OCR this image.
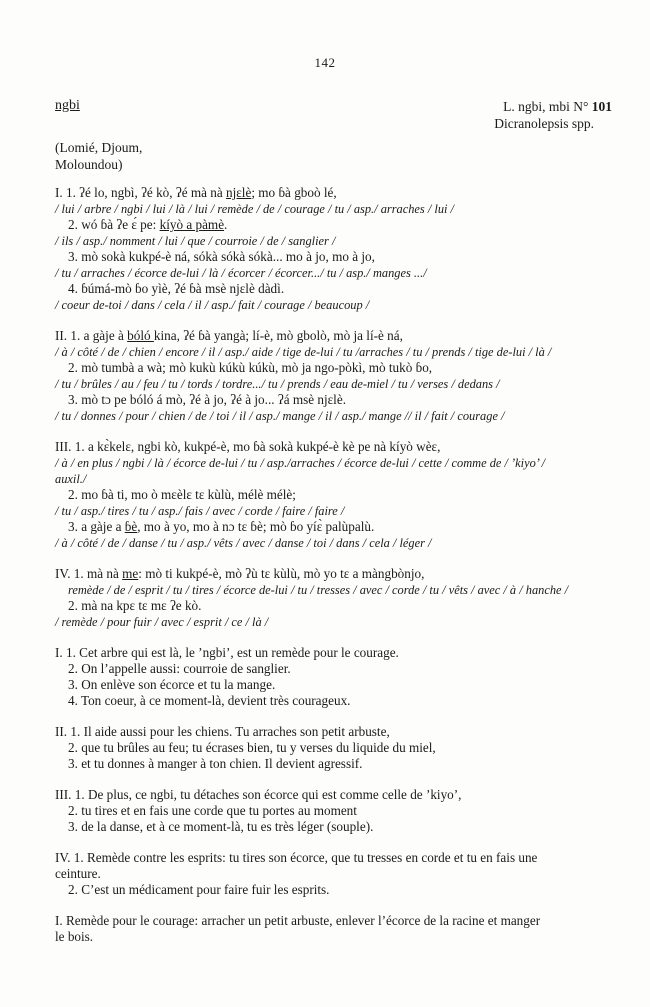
142
ngbi	L. ngbi, mbi N° 101
Dicranolepsis spp.
(Lomié, Djoum,
Moloundou)
I. 1. ʔé lo, ngbì, ʔé kò, ʔé mà nà njɛlè; mo ɓà gboò lé,
/ lui / arbre / ngbi / lui / là / lui / remède / de / courage / tu / asp./ arraches / lui /
2. wó ɓà ʔe ɛ́ pe: kíyò a pàmè.
/ ils / asp./ nomment / lui / que / courroie / de / sanglier /
3. mò sokà kukpé-è ná, sókà sókà sókà... mo à jo, mo à jo,
/ tu / arraches / écorce de-lui / là / écorcer / écorcer.../ tu / asp./ manges .../
4. ɓúmá-mò ɓo yìè, ʔé ɓà msè njɛlè dàdì.
/ coeur de-toi / dans / cela / il / asp./ fait / courage / beaucoup /
II. 1. a gàje à bóló kina, ʔé ɓà yangà; lí-è, mò gbolò, mò ja lí-è ná,
/ à / côté / de / chien / encore / il / asp./ aide / tige de-lui / tu /arraches / tu / prends / tige de-lui / là /
2. mò tumbà a wà; mò kukù kúkù kúkù, mò ja ngo-pòkì, mò tukò ɓo,
/ tu / brûles / au / feu / tu / tords / tordre.../ tu / prends / eau de-miel / tu / verses / dedans /
3. mò tɔ pe bóló á mò, ʔé à jo, ʔé à jo... ʔá msè njɛlè.
/ tu / donnes / pour / chien / de / toi / il / asp./ mange / il / asp./ mange // il / fait / courage /
III. 1. a kɛ̀kelɛ, ngbi kò, kukpé-è, mo ɓà sokà kukpé-è kè pe nà kíyò wèɛ,
/ à / en plus / ngbi / là / écorce de-lui / tu / asp./arraches / écorce de-lui / cette / comme de / ’kiyo’ /
auxil./
2. mo ɓà ti, mo ò mɛèlɛ tɛ kùlù, mélè mélè;
/ tu / asp./ tires / tu / asp./ fais / avec / corde / faire / faire /
3. a gàje a ɓè, mo à yo, mo à nɔ tɛ ɓè; mò ɓo yíɛ̀ palùpalù.
/ à / côté / de / danse / tu / asp./ vêts / avec / danse / toi / dans / cela / léger /
IV. 1. mà nà me: mò ti kukpé-è, mò ʔù tɛ kùlù, mò yo tɛ a màngbònjo,
remède / de / esprit / tu / tires / écorce de-lui / tu / tresses / avec / corde / tu / vêts / avec / à / hanche /
2. mà na kpɛ tɛ mɛ ʔe kò.
/ remède / pour fuir / avec / esprit / ce / là /
I. 1. Cet arbre qui est là, le ’ngbi’, est un remède pour le courage.
2. On l’appelle aussi: courroie de sanglier.
3. On enlève son écorce et tu la mange.
4. Ton coeur, à ce moment-là, devient très courageux.
II. 1. Il aide aussi pour les chiens. Tu arraches son petit arbuste,
2. que tu brûles au feu; tu écrases bien, tu y verses du liquide du miel,
3. et tu donnes à manger à ton chien. Il devient agressif.
III. 1. De plus, ce ngbi, tu détaches son écorce qui est comme celle de ’kiyo’,
2. tu tires et en fais une corde que tu portes au moment
3. de la danse, et à ce moment-là, tu es très léger (souple).
IV. 1. Remède contre les esprits: tu tires son écorce, que tu tresses en corde et tu en fais une
ceinture.
2. C’est un médicament pour faire fuir les esprits.
I. Remède pour le courage: arracher un petit arbuste, enlever l’écorce de la racine et manger
le bois.
